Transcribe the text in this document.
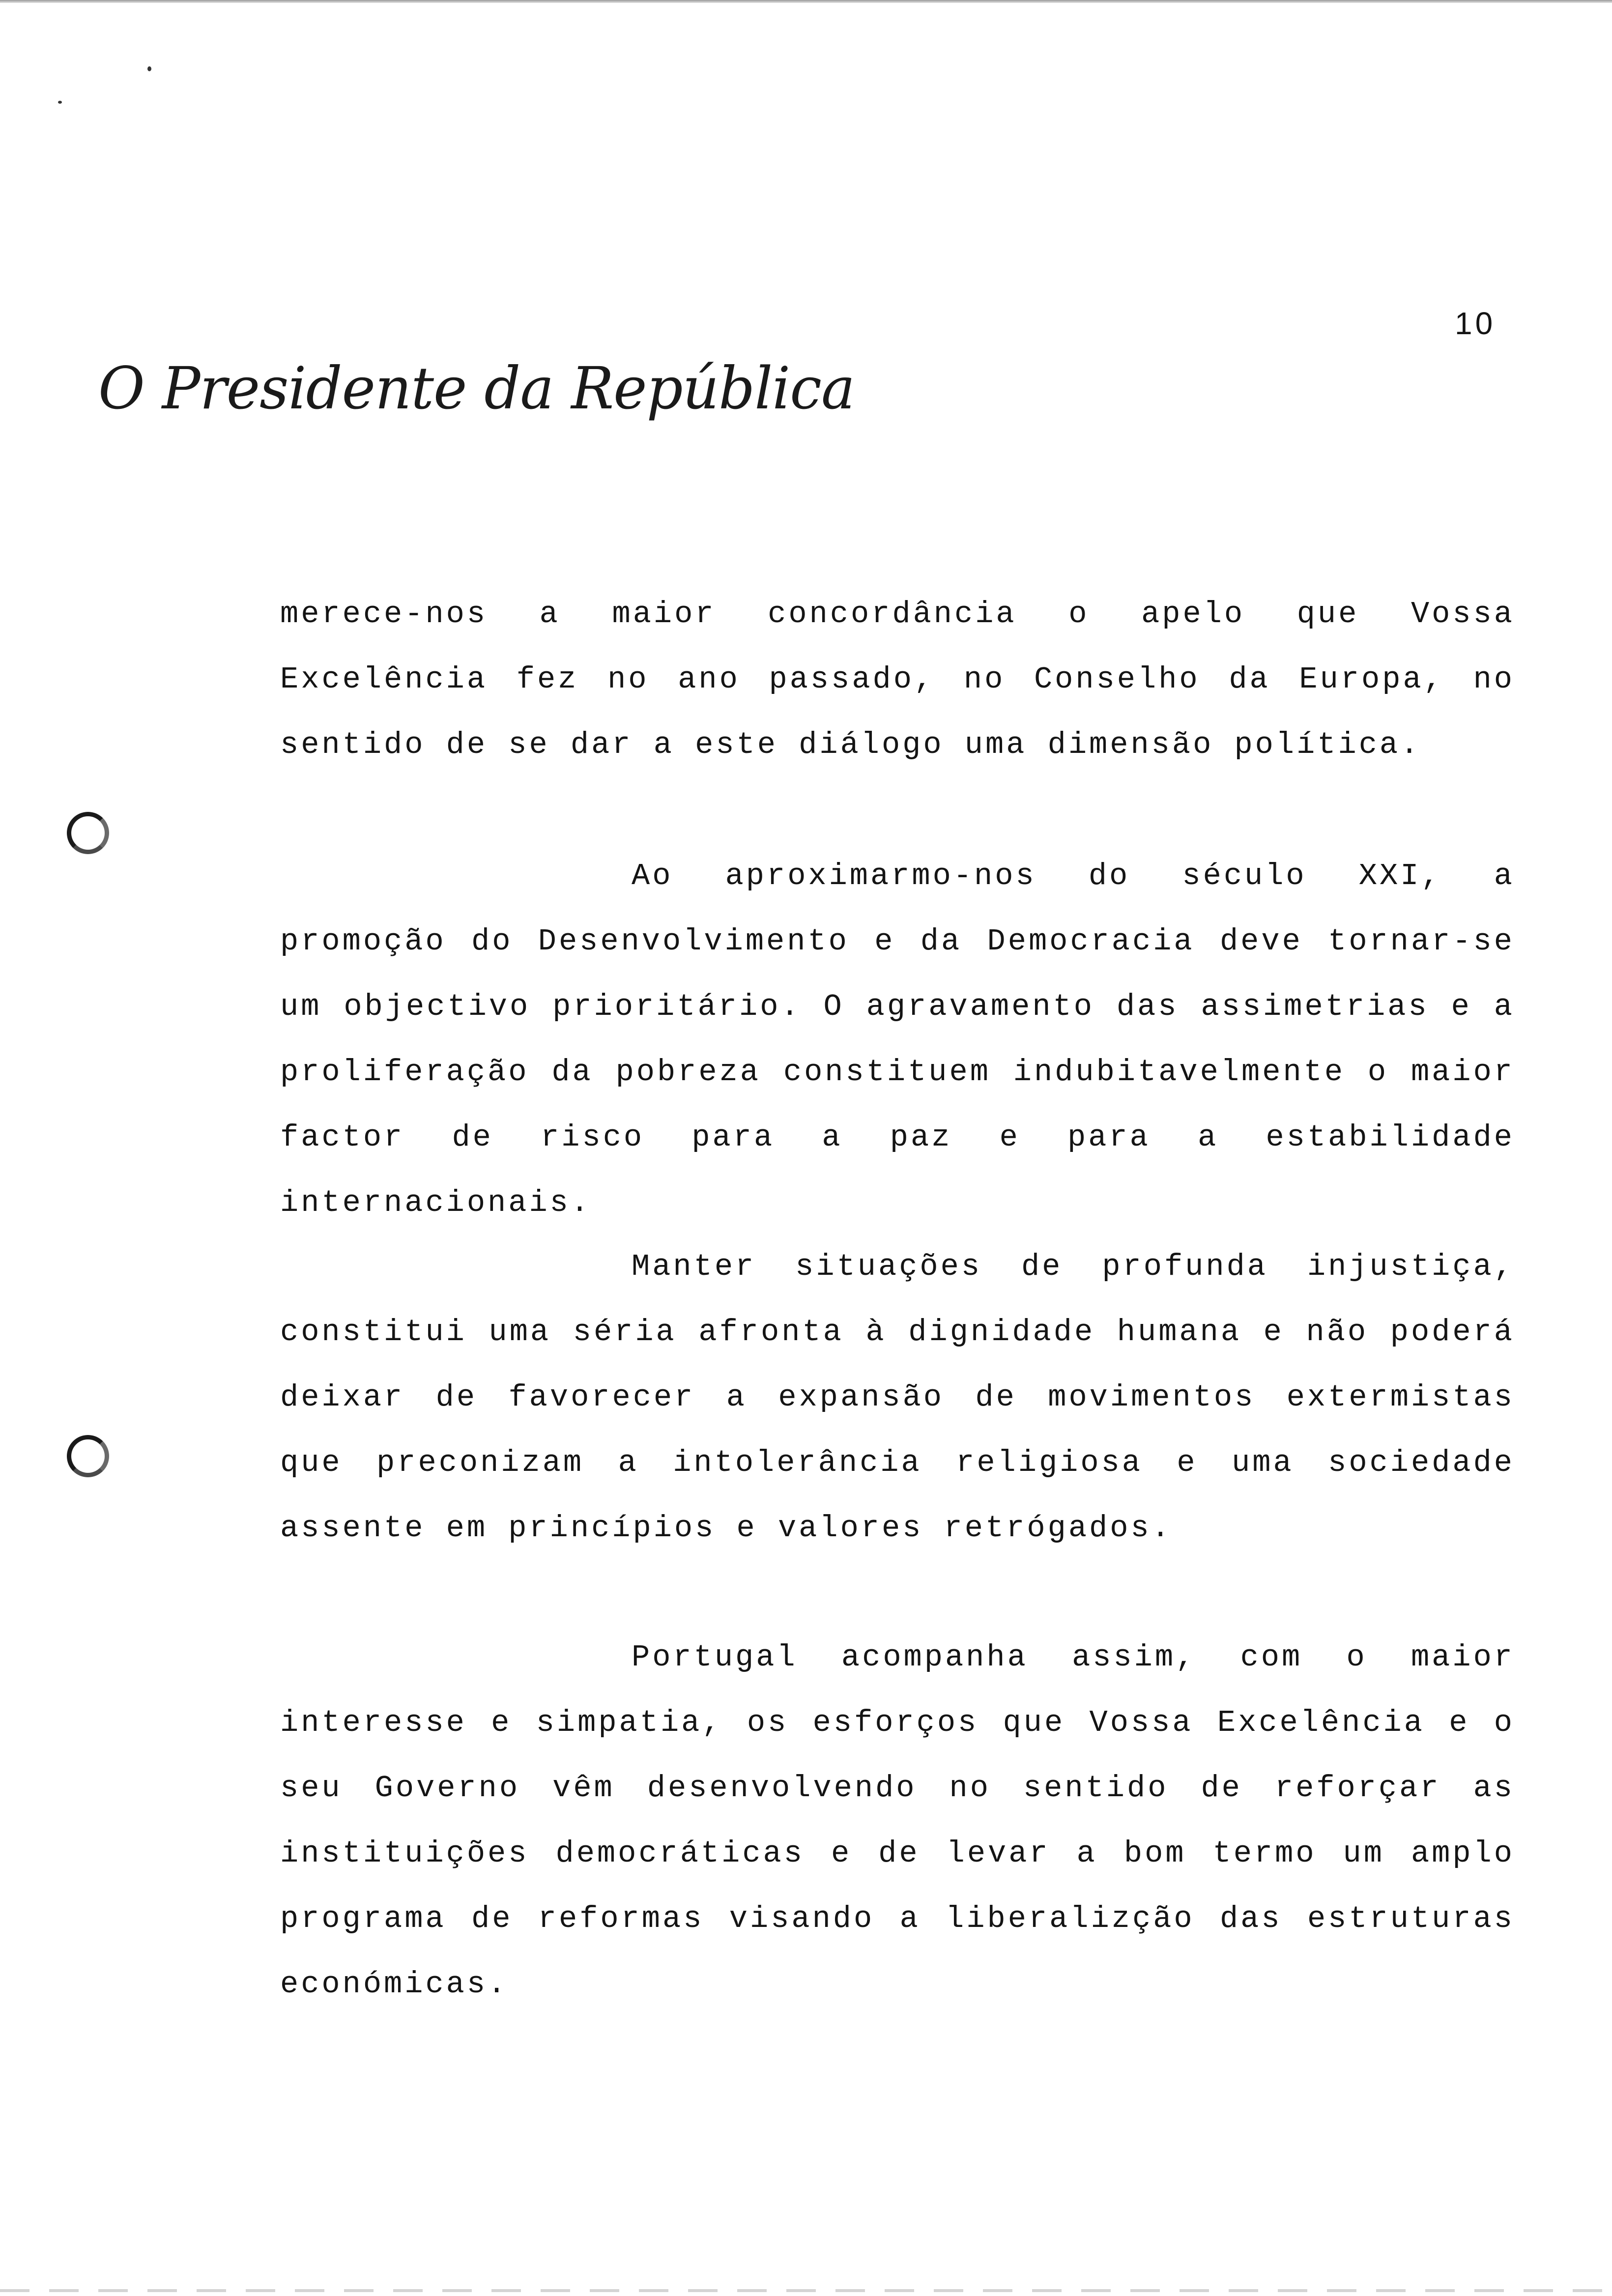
10
O Presidente da República

merece-nos a maior concordância o apelo que Vossa Excelência fez no ano passado, no Conselho da Europa, no sentido de se dar a este diálogo uma dimensão política.

Ao aproximarmo-nos do século XXI, a promoção do Desenvolvimento e da Democracia deve tornar-se um objectivo prioritário. O agravamento das assimetrias e a proliferação da pobreza constituem indubitavelmente o maior factor de risco para a paz e para a estabilidade internacionais.

Manter situações de profunda injustiça, constitui uma séria afronta à dignidade humana e não poderá deixar de favorecer a expansão de movimentos extermistas que preconizam a intolerância religiosa e uma sociedade assente em princípios e valores retrógados.

Portugal acompanha assim, com o maior interesse e simpatia, os esforços que Vossa Excelência e o seu Governo vêm desenvolvendo no sentido de reforçar as instituições democráticas e de levar a bom termo um amplo programa de reformas visando a liberalizção das estruturas económicas.
